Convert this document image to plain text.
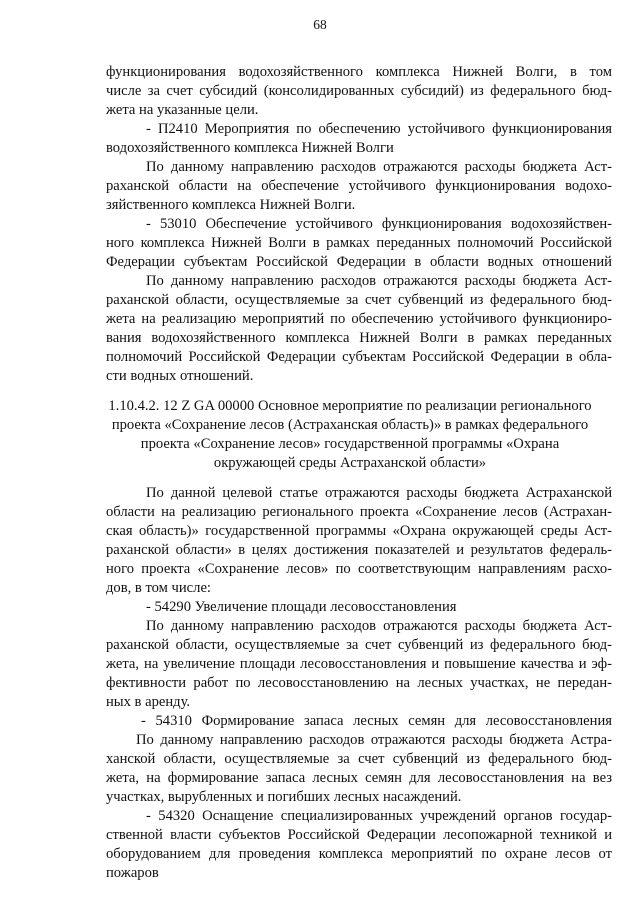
68
функционирования водохозяйственного комплекса Нижней Волги, в том
числе за счет субсидий (консолидированных субсидий) из федерального бюд-
жета на указанные цели.
- П2410 Мероприятия по обеспечению устойчивого функционирования
водохозяйственного комплекса Нижней Волги
По данному направлению расходов отражаются расходы бюджета Аст-
раханской области на обеспечение устойчивого функционирования водохо-
зяйственного комплекса Нижней Волги.
- 53010 Обеспечение устойчивого функционирования водохозяйствен-
ного комплекса Нижней Волги в рамках переданных полномочий Российской
Федерации субъектам Российской Федерации в области водных отношений
По данному направлению расходов отражаются расходы бюджета Аст-
раханской области, осуществляемые за счет субвенций из федерального бюд-
жета на реализацию мероприятий по обеспечению устойчивого функциониро-
вания водохозяйственного комплекса Нижней Волги в рамках переданных
полномочий Российской Федерации субъектам Российской Федерации в обла-
сти водных отношений.
1.10.4.2. 12 Z GA 00000 Основное мероприятие по реализации регионального
проекта «Сохранение лесов (Астраханская область)» в рамках федерального
проекта «Сохранение лесов» государственной программы «Охрана
окружающей среды Астраханской области»
По данной целевой статье отражаются расходы бюджета Астраханской
области на реализацию регионального проекта «Сохранение лесов (Астрахан-
ская область)» государственной программы «Охрана окружающей среды Аст-
раханской области» в целях достижения показателей и результатов федераль-
ного проекта «Сохранение лесов» по соответствующим направлениям расхо-
дов, в том числе:
- 54290 Увеличение площади лесовосстановления
По данному направлению расходов отражаются расходы бюджета Аст-
раханской области, осуществляемые за счет субвенций из федерального бюд-
жета, на увеличение площади лесовосстановления и повышение качества и эф-
фективности работ по лесовосстановлению на лесных участках, не передан-
ных в аренду.
- 54310 Формирование запаса лесных семян для лесовосстановления
По данному направлению расходов отражаются расходы бюджета Астра-
ханской области, осуществляемые за счет субвенций из федерального бюд-
жета, на формирование запаса лесных семян для лесовосстановления на вез
участках, вырубленных и погибших лесных насаждений.
- 54320 Оснащение специализированных учреждений органов государ-
ственной власти субъектов Российской Федерации лесопожарной техникой и
оборудованием для проведения комплекса мероприятий по охране лесов от
пожаров
